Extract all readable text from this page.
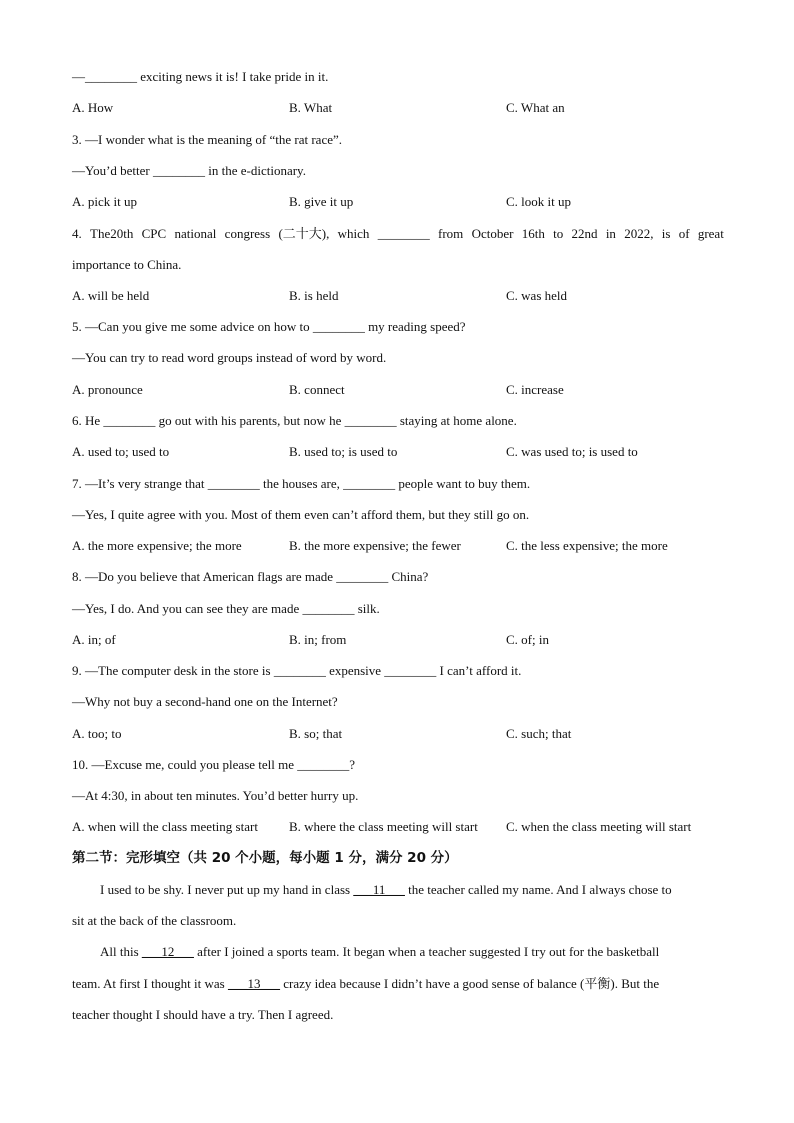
—________ exciting news it is! I take pride in it.
A. How	B. What	C. What an
3. —I wonder what is the meaning of “the rat race”.
—You’d better ________ in the e-dictionary.
A. pick it up	B. give it up	C. look it up
4. The20th CPC national congress (二十大), which ________ from October 16th to 22nd in 2022, is of great
importance to China.
A. will be held	B. is held	C. was held
5. —Can you give me some advice on how to ________ my reading speed?
—You can try to read word groups instead of word by word.
A. pronounce	B. connect	C. increase
6. He ________ go out with his parents, but now he ________ staying at home alone.
A. used to; used to	B. used to; is used to	C. was used to; is used to
7. —It’s very strange that ________ the houses are, ________ people want to buy them.
—Yes, I quite agree with you. Most of them even can’t afford them, but they still go on.
A. the more expensive; the more	B. the more expensive; the fewer	C. the less expensive; the more
8. —Do you believe that American flags are made ________ China?
—Yes, I do. And you can see they are made ________ silk.
A. in; of	B. in; from	C. of; in
9. —The computer desk in the store is ________ expensive ________ I can’t afford it.
—Why not buy a second-hand one on the Internet?
A. too; to	B. so; that	C. such; that
10. —Excuse me, could you please tell me ________?
—At 4:30, in about ten minutes. You’d better hurry up.
A. when will the class meeting start B. where the class meeting will start C. when the class meeting will start
第二节：完形填空（共 20 个小题，每小题 1 分，满分 20 分）
I used to be shy. I never put up my hand in class ___11___ the teacher called my name. And I always chose to
sit at the back of the classroom.
All this ___12___ after I joined a sports team. It began when a teacher suggested I try out for the basketball
team. At first I thought it was ___13___ crazy idea because I didn’t have a good sense of balance (平衡). But the
teacher thought I should have a try. Then I agreed.
